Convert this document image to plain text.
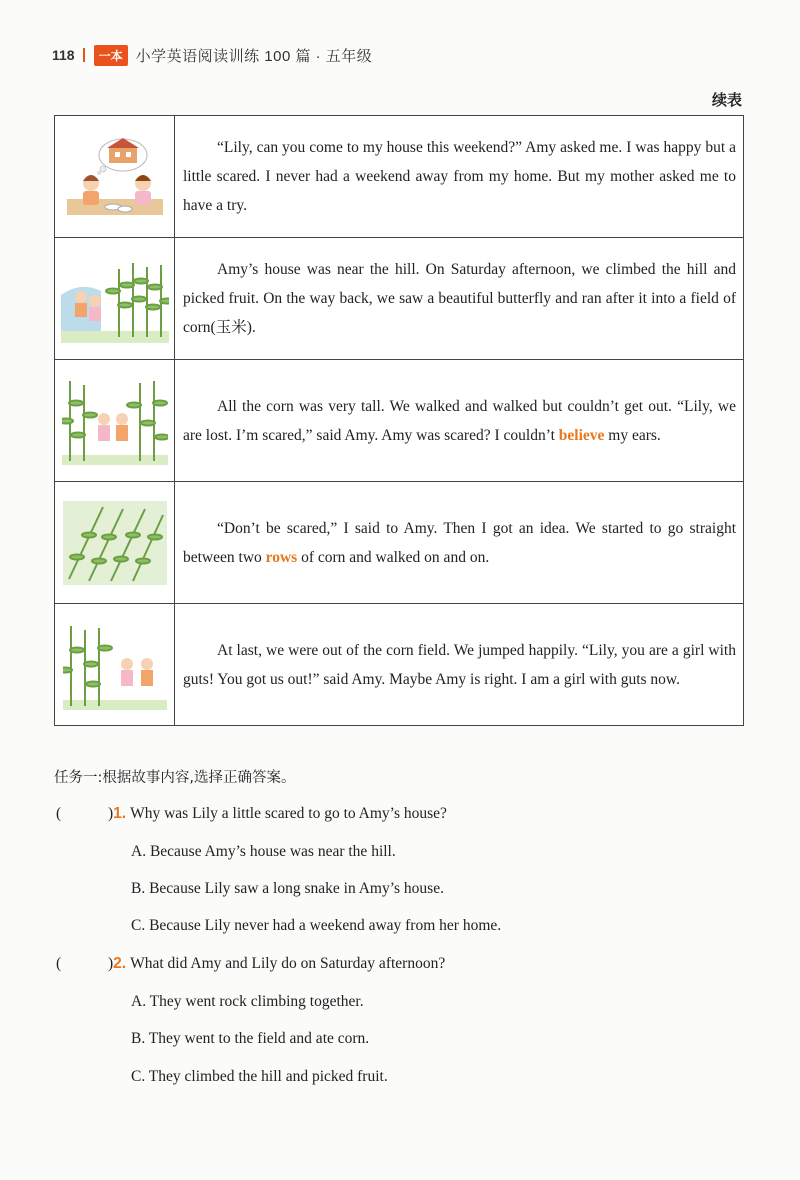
118	一本 小学英语阅读训练 100 篇 · 五年级
续表

“Lily, can you come to my house this weekend?” Amy asked me. I was happy but a little scared. I never had a weekend away from my home. But my mother asked me to have a try.

Amy’s house was near the hill. On Saturday afternoon, we climbed the hill and picked fruit. On the way back, we saw a beautiful butterfly and ran after it into a field of corn(玉米).

All the corn was very tall. We walked and walked but couldn’t get out. “Lily, we are lost. I’m scared,” said Amy. Amy was scared? I couldn’t believe my ears.

“Don’t be scared,” I said to Amy. Then I got an idea. We started to go straight between two rows of corn and walked on and on.

At last, we were out of the corn field. We jumped happily. “Lily, you are a girl with guts! You got us out!” said Amy. Maybe Amy is right. I am a girl with guts now.

任务一:根据故事内容,选择正确答案。
(	)1. Why was Lily a little scared to go to Amy’s house?
A. Because Amy’s house was near the hill.
B. Because Lily saw a long snake in Amy’s house.
C. Because Lily never had a weekend away from her home.
(	)2. What did Amy and Lily do on Saturday afternoon?
A. They went rock climbing together.
B. They went to the field and ate corn.
C. They climbed the hill and picked fruit.
